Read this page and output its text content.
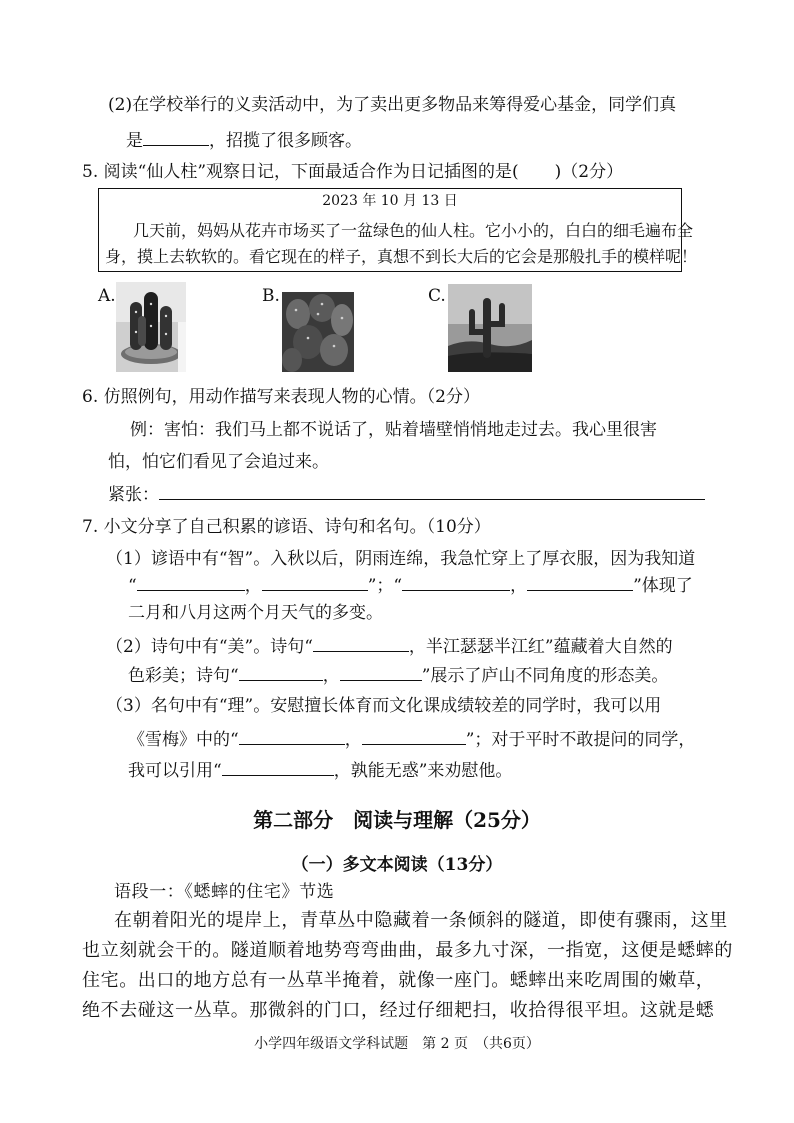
(2)在学校举行的义卖活动中，为了卖出更多物品来筹得爱心基金，同学们真
是	，招揽了很多顾客。
5. 阅读“仙人柱”观察日记，下面最适合作为日记插图的是( )（2分）
2023 年 10 月 13 日
几天前，妈妈从花卉市场买了一盆绿色的仙人柱。它小小的，白白的细毛遍布全
身，摸上去软软的。看它现在的样子，真想不到长大后的它会是那般扎手的模样呢！
A.	B.	C.
6. 仿照例句，用动作描写来表现人物的心情。（2分）
例：害怕：我们马上都不说话了，贴着墙壁悄悄地走过去。我心里很害
怕，怕它们看见了会追过来。
紧张：
7. 小文分享了自己积累的谚语、诗句和名句。（10分）
（1）谚语中有“智”。入秋以后，阴雨连绵，我急忙穿上了厚衣服，因为我知道
“	，	”；“	，	”体现了
二月和八月这两个月天气的多变。
（2）诗句中有“美”。诗句“	，半江瑟瑟半江红”蕴藏着大自然的
色彩美；诗句“	，	”展示了庐山不同角度的形态美。
（3）名句中有“理”。安慰擅长体育而文化课成绩较差的同学时，我可以用
《雪梅》中的“	，	”；对于平时不敢提问的同学，
我可以引用“	，孰能无惑”来劝慰他。
第二部分　阅读与理解（25分）
（一）多文本阅读（13分）
语段一：《蟋蟀的住宅》节选
在朝着阳光的堤岸上，青草丛中隐藏着一条倾斜的隧道，即使有骤雨，这里
也立刻就会干的。隧道顺着地势弯弯曲曲，最多九寸深，一指宽，这便是蟋蟀的
住宅。出口的地方总有一丛草半掩着，就像一座门。蟋蟀出来吃周围的嫩草，
绝不去碰这一丛草。那微斜的门口，经过仔细耙扫，收拾得很平坦。这就是蟋
小学四年级语文学科试题　第 2 页　（共6页）
